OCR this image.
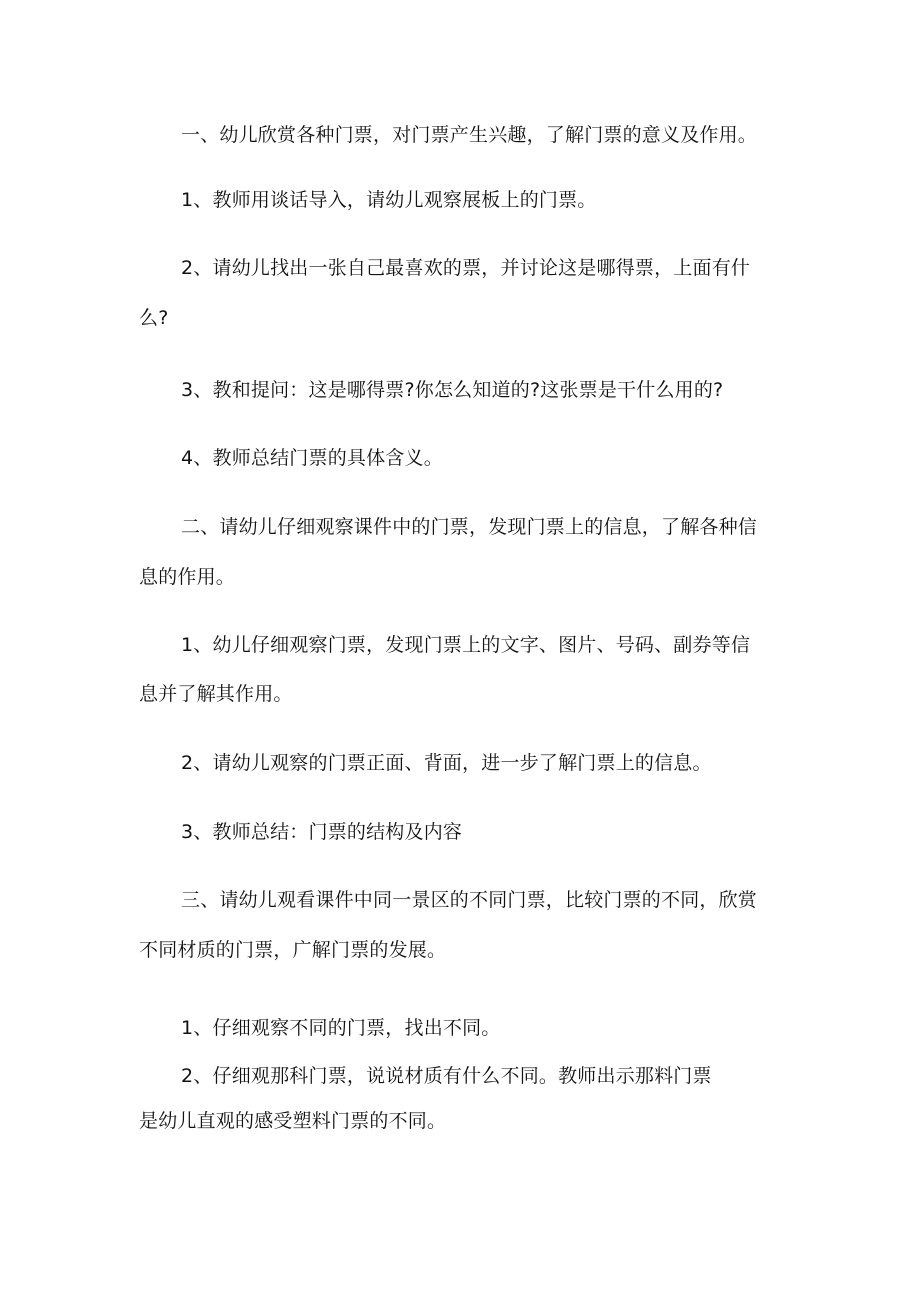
一、幼儿欣赏各种门票，对门票产生兴趣，了解门票的意义及作用。
1、教师用谈话导入，请幼儿观察展板上的门票。
2、请幼儿找出一张自己最喜欢的票，并讨论这是哪得票，上面有什
么?
3、教和提问：这是哪得票?你怎么知道的?这张票是干什么用的?
4、教师总结门票的具体含义。
二、请幼儿仔细观察课件中的门票，发现门票上的信息，了解各种信
息的作用。
1、幼儿仔细观察门票，发现门票上的文字、图片、号码、副券等信
息并了解其作用。
2、请幼儿观察的门票正面、背面，进一步了解门票上的信息。
3、教师总结：门票的结构及内容
三、请幼儿观看课件中同一景区的不同门票，比较门票的不同，欣赏
不同材质的门票，广解门票的发展。
1、仔细观察不同的门票，找出不同。
2、仔细观那科门票，说说材质有什么不同。教师出示那料门票
是幼儿直观的感受塑料门票的不同。
